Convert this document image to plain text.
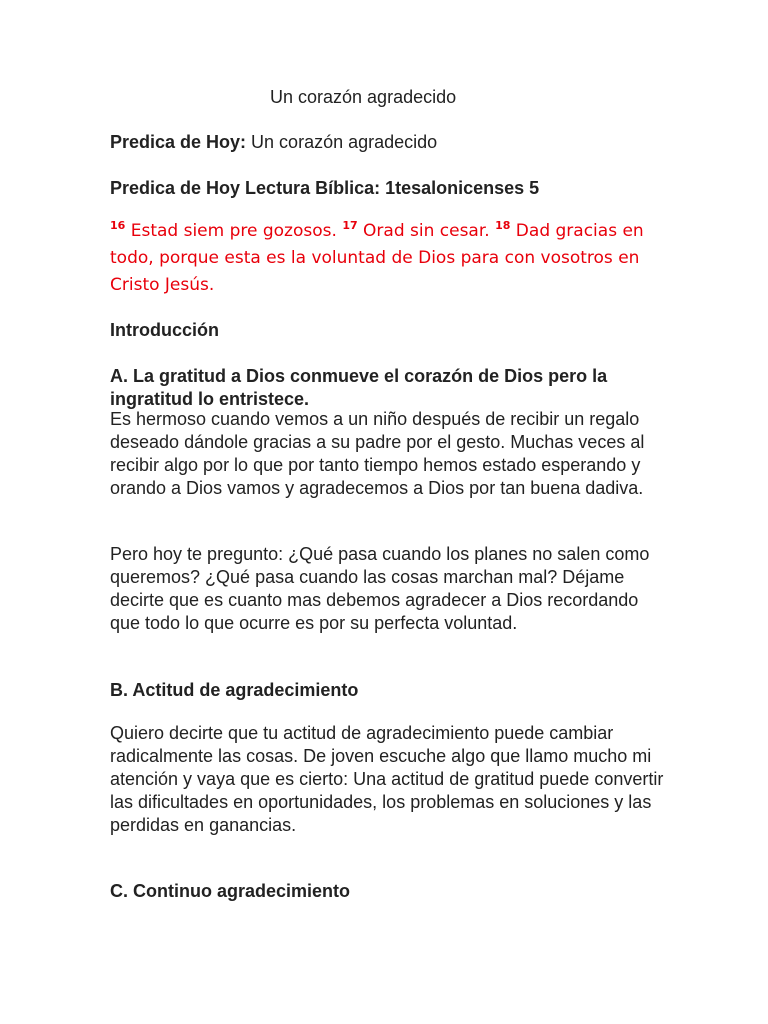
Un corazón agradecido

Predica de Hoy: Un corazón agradecido

Predica de Hoy Lectura Bíblica: 1tesalonicenses 5

$^{16}$ Estad siem pre gozosos. $^{17}$ Orad sin cesar. $^{18}$ Dad gracias en todo, porque esta es la voluntad de Dios para con vosotros en Cristo Jesús.

Introducción

A. La gratitud a Dios conmueve el corazón de Dios pero la ingratitud lo entristece.

Es hermoso cuando vemos a un niño después de recibir un regalo deseado dándole gracias a su padre por el gesto. Muchas veces al recibir algo por lo que por tanto tiempo hemos estado esperando y orando a Dios vamos y agradecemos a Dios por tan buena dadiva.

Pero hoy te pregunto: ¿Qué pasa cuando los planes no salen como queremos? ¿Qué pasa cuando las cosas marchan mal? Déjame decirte que es cuanto mas debemos agradecer a Dios recordando que todo lo que ocurre es por su perfecta voluntad.

B. Actitud de agradecimiento

Quiero decirte que tu actitud de agradecimiento puede cambiar radicalmente las cosas. De joven escuche algo que llamo mucho mi atención y vaya que es cierto: Una actitud de gratitud puede convertir las dificultades en oportunidades, los problemas en soluciones y las perdidas en ganancias.

C. Continuo agradecimiento
